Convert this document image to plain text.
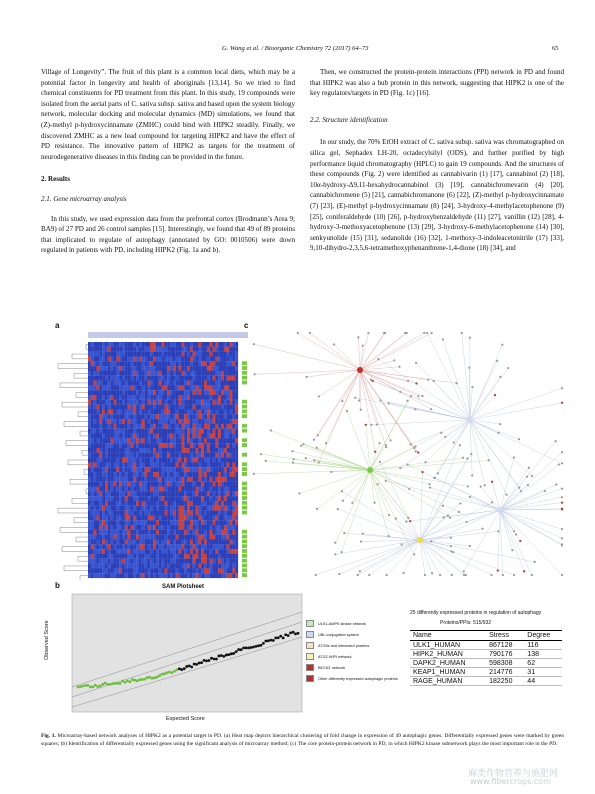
G. Wang et al. / Bioorganic Chemistry 72 (2017) 64–73	65

Village of Longevity”. The fruit of this plant is a common local diets, which may be a potential factor in longevity and health of aboriginals [13,14]. So we tried to find chemical constituents for PD treatment from this plant. In this study, 19 compounds were isolated from the aerial parts of C. sativa subsp. sativa and based upon the system biology network, molecular docking and molecular dynamics (MD) simulations, we found that (Z)-methyl p-hydroxycinnamate (ZMHC) could bind with HIPK2 steadily. Finally, we discovered ZMHC as a new lead compound for targeting HIPK2 and have the effect of PD resistance. The innovative pattern of HIPK2 as targets for the treatment of neurodegenerative diseases in this finding can be provided in the future.

2. Results
2.1. Gene microarray analysis

In this study, we used expression data from the prefrontal cortex (Brodmann’s Area 9; BA9) of 27 PD and 26 control samples [15]. Interestingly, we found that 49 of 89 proteins that implicated to regulate of autophagy (annotated by GO: 0010506) were down regulated in patients with PD, including HIPK2 (Fig. 1a and b).

Then, we constructed the protein-protein interactions (PPI) network in PD and found that HIPK2 was also a hub protein in this network, suggesting that HIPK2 is one of the key regulators/targets in PD (Fig. 1c) [16].

2.2. Structure identification

In our study, the 70% EtOH extract of C. sativa subsp. sativa was chromatographed on silica gel, Sephadex LH-20, octadecylsilyl (ODS), and further purified by high performance liquid chromatography (HPLC) to gain 19 compounds. And the structures of these compounds (Fig. 2) were identified as cannabivarin (1) [17], cannabinol (2) [18], 10α-hydroxy-Δ9,11-hexahydrocannabinol (3) [19], cannabichromevarin (4) [20], cannabichromene (5) [21], cannabichromanone (6) [22], (Z)-methyl p-hydroxycinnamate (7) [23], (E)-methyl p-hydroxycinnamate (8) [24], 3-hydroxy-4-methylacetophenone (9) [25], coniferaldehyde (10) [26], p-hydroxybenzaldehyde (11) [27], vanillin (12) [28], 4-hydroxy-3-methoxyacetophenone (13) [29], 3-hydroxy-6-methylacetophenone (14) [30], senkyunolide (15) [31], sedanolide (16) [32], 1-methoxy-3-indoleacetonitrile (17) [33], 9,10-dihydro-2,3,5,6-tetramethoxyphenanthrene-1,4-dione (18) [34], and

a	c
b	SAM Plotsheet
Expected Score
Observed Score	ULK1-AMPK kinase network
UBL conjugation system
ATG9s and interacted proteins
ATG2-WIPI network
BECN1 network
Other differently expressed autophagic proteins
25 differently expressed proteins in regulation of autophagy
Proteins/PPIs: 515/932
Name	Stress	Degree
ULK1_HUMAN	867128	116
HIPK2_HUMAN	790176	138
DAPK2_HUMAN	598308	62
KEAP1_HUMAN	214776	31
RAGE_HUMAN	182250	44
Fig. 1. Microarray-based network analyses of HIPK2 as a potential target in PD. (a) Heat map depicts hierarchical clustering of fold change in expression of 49 autophagic genes. Differentially expressed genes were marked by green squares; (b) Identification of differentially expressed genes using the significant analysis of microarray method; (c) The core protein-protein network in PD, in which HIPK2 kinase subnetwork plays the most important role in the PD.
麻类作物营养与施肥网
www.fibercrops.com
